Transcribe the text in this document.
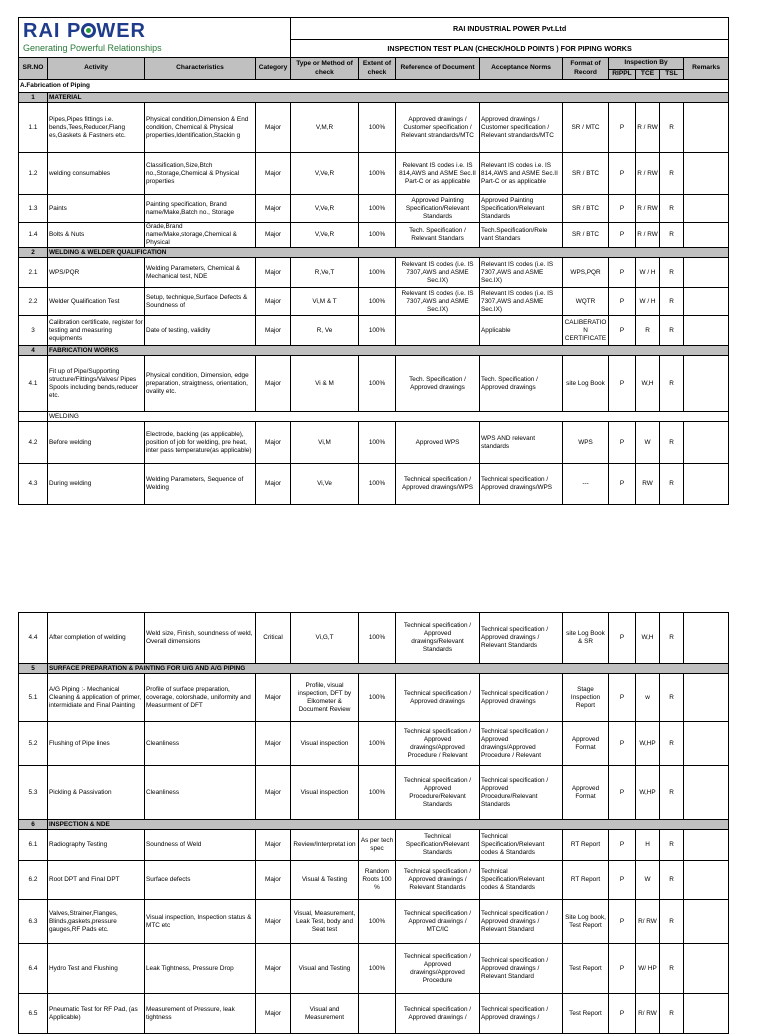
RAI P WER
Generating Powerful Relationships				RAI INDUSTRIAL POWER Pvt.Ltd								
				INSPECTION TEST PLAN (CHECK/HOLD POINTS ) FOR PIPING WORKS								
SR.NO	Activity	Characteristics	Category	Type or Method of check	Extent of check	Reference of Document	Acceptance Norms	Format of Record	Inspection By			Remarks
									RIPPL	TCE	TSL	
A.Fabrication of Piping												
1	MATERIAL											
1.1	Pipes,Pipes fittings i.e. bends,Tees,Reducer,Flang es,Gaskets & Fastners etc.	Physical condition,Dimension & End condition, Chemical & Physical properties,Identification,Stackin g	Major	V,M,R	100%	Approved drawings / Customer specification / Relevant strandards/MTC	Approved drawings / Customer specification / Relevant strandards/MTC	SR / MTC	P	R / RW	R	
1.2	welding consumables	Classification,Size,Btch no.,Storage,Chemical & Physical properties	Major	V,Ve,R	100%	Relevant IS codes i.e. IS 814,AWS and ASME Sec.II Part-C or as applicable	Relevant IS codes i.e. IS 814,AWS and ASME Sec.II Part-C or as applicable	SR / BTC	P	R / RW	R	
1.3	Paints	Painting specification, Brand name/Make,Batch no., Storage	Major	V,Ve,R	100%	Approved Painting Specification/Relevant Standards	Approved Painting Specification/Relevant Standards	SR / BTC	P	R / RW	R	
1.4	Bolts & Nuts	Grade,Brand name/Make,storage,Chemical & Physical	Major	V,Ve,R	100%	Tech. Specification / Relevant Standars	Tech.Specification/Rele vant Standars	SR / BTC	P	R / RW	R	
2	WELDING & WELDER QUALIFICATION											
2.1	WPS/PQR	Welding Parameters, Chemical & Mechanical test, NDE	Major	R,Ve,T	100%	Relevant IS codes (i.e. IS 7307,AWS and ASME Sec.IX)	Relevant IS codes (i.e. IS 7307,AWS and ASME Sec.IX)	WPS,PQR	P	W / H	R	
2.2	Welder Qualification Test	Setup, technique,Surface Defects & Soundness of	Major	Vi,M & T	100%	Relevant IS codes (i.e. IS 7307,AWS and ASME Sec.IX)	Relevant IS codes (i.e. IS 7307,AWS and ASME Sec.IX)	WQTR	P	W / H	R	
3	Calibration certificate, register for testing and measuring equipments	Date of testing, validity	Major	R, Ve	100%		Applicable	CALIBERATIO N CERTIFICATE	P	R	R	
4	FABRICATION WORKS											
4.1	Fit up of Pipe/Supporting structure/Fittings/Valves/ Pipes Spools including bends,reducer etc.	Physical condition, Dimension, edge preparation, straigtness, orientation, ovality etc.	Major	Vi & M	100%	Tech. Specification / Approved drawings	Tech. Specification / Approved drawings	site Log Book	P	W,H	R	
	WELDING											
4.2	Before welding	Electrode, backing (as applicable), position of job for welding, pre heat, inter pass temperature(as applicable)	Major	Vi,M	100%	Approved WPS	WPS AND relevant standards	WPS	P	W	R	
4.3	During welding	Welding Parameters, Sequence of Welding	Major	Vi,Ve	100%	Technical specification / Approved drawings/WPS	Technical specification / Approved drawings/WPS	---	P	RW	R	
4.4	After completion of welding	Weld size, Finish, soundness of weld, Overall dimensions	Critical	Vi,G,T	100%	Technical specification / Approved drawings/Relevant Standards	Technical specification / Approved drawings / Relevant Standards	site Log Book & SR	P	W,H	R	
5	SURFACE PREPARATION & PAINTING FOR U/G AND A/G PIPING											
5.1	A/G Piping :- Mechanical Cleaning & application of primer, intermidiate and Final Painting	Profile of surface preparation, coverage, colorshade, uniformity and Measurment of DFT	Major	Profile, visual inspection, DFT by Elkometer & Document Review	100%	Technical specification / Approved drawings	Technical specification / Approved drawings	Stage Inspection Report	P	w	R	
5.2	Flushing of Pipe lines	Cleanliness	Major	Visual inspection	100%	Technical specification / Approved drawings/Approved Procedure / Relevant	Technical specification / Approved drawings/Approved Procedure / Relevant	Approved Format	P	W,HP	R	
5.3	Pickling & Passivation	Cleanliness	Major	Visual inspection	100%	Technical specification / Approved Procedure/Relevant Standards	Technical specification / Approved Procedure/Relevant Standards	Approved Format	P	W,HP	R	
6	INSPECTION & NDE											
6.1	Radiography Testing	Soundness of Weld	Major	Review/Interpretat ion	As per tech spec	Technical Specification/Relevant Standards	Technical Specification/Relevant codes & Standards	RT Report	P	H	R	
6.2	Root DPT and Final DPT	Surface defects	Major	Visual & Testing	Random Roots 100 %	Technical specification / Approved drawings / Relevant Standards	Technical Specification/Relevant codes & Standards	RT Report	P	W	R	
6.3	Valves,Strainer,Flanges, Blinds,gaskets,pressure gauges,RF Pads etc.	Visual inspection, Inspection status & MTC etc	Major	Visual, Measurement, Leak Test, body and Seat test	100%	Technical specification / Approved drawings / MTC/IC	Technical specification / Approved drawings / Relevant Standard	Site Log book, Test Report	P	R/ RW	R	
6.4	Hydro Test and Flushing	Leak Tightness, Pressure Drop	Major	Visual and Testing	100%	Technical specification / Approved drawings/Approved Procedure	Technical specification / Approved drawings / Relevant Standard	Test Report	P	W/ HP	R	
6.5	Pneumatic Test for RF Pad, (as Applicable)	Measurement of Pressure, leak tightness	Major	Visual and Measurement		Technical specification / Approved drawings /	Technical specification / Approved drawings /	Test Report	P	R/ RW	R	
